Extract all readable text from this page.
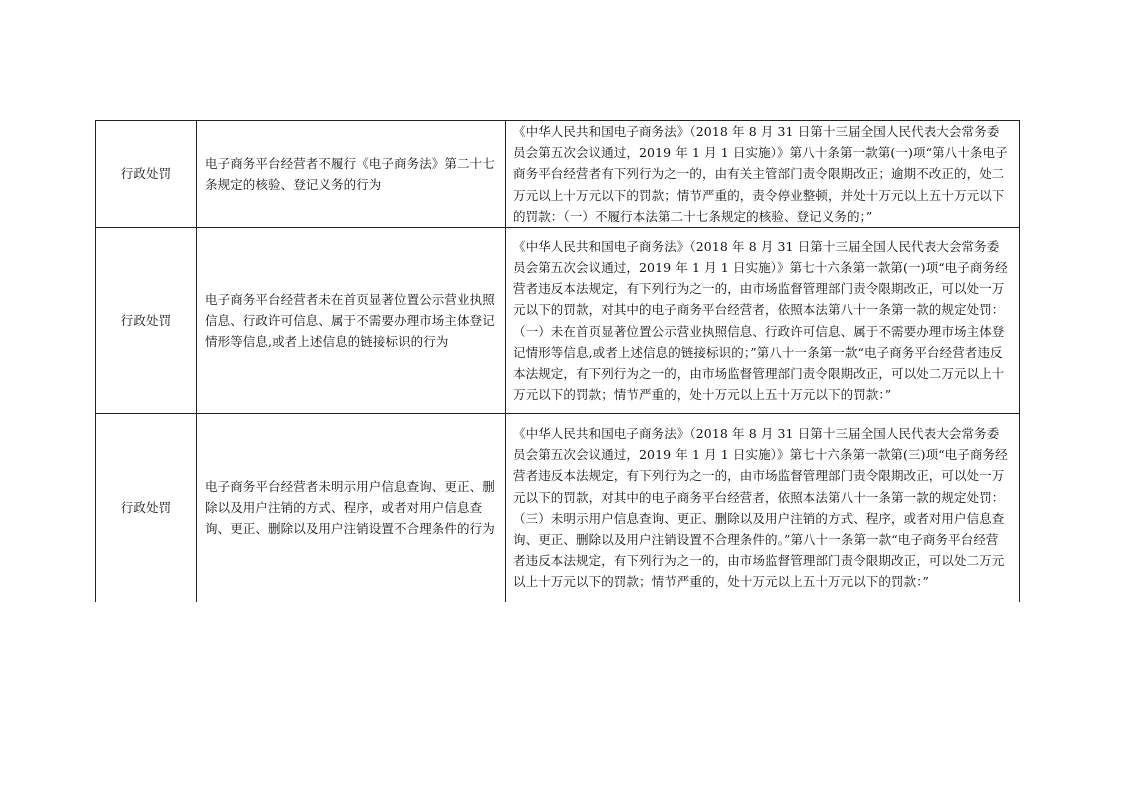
行政处罚	电子商务平台经营者不履行《电子商务法》第二十七条规定的核验、登记义务的行为	《中华人民共和国电子商务法》（2018 年 8 月 31 日第十三届全国人民代表大会常务委员会第五次会议通过，2019 年 1 月 1 日实施）》第八十条第一款第(一)项“第八十条电子商务平台经营者有下列行为之一的，由有关主管部门责令限期改正；逾期不改正的，处二万元以上十万元以下的罚款；情节严重的，责令停业整顿，并处十万元以上五十万元以下的罚款：（一）不履行本法第二十七条规定的核验、登记义务的；”
行政处罚	电子商务平台经营者未在首页显著位置公示营业执照信息、行政许可信息、属于不需要办理市场主体登记情形等信息,或者上述信息的链接标识的行为	《中华人民共和国电子商务法》（2018 年 8 月 31 日第十三届全国人民代表大会常务委员会第五次会议通过，2019 年 1 月 1 日实施）》第七十六条第一款第(一)项“电子商务经营者违反本法规定，有下列行为之一的，由市场监督管理部门责令限期改正，可以处一万元以下的罚款，对其中的电子商务平台经营者，依照本法第八十一条第一款的规定处罚：（一）未在首页显著位置公示营业执照信息、行政许可信息、属于不需要办理市场主体登记情形等信息,或者上述信息的链接标识的；”第八十一条第一款“电子商务平台经营者违反本法规定，有下列行为之一的，由市场监督管理部门责令限期改正，可以处二万元以上十万元以下的罚款；情节严重的，处十万元以上五十万元以下的罚款：”
行政处罚	电子商务平台经营者未明示用户信息查询、更正、删除以及用户注销的方式、程序，或者对用户信息查询、更正、删除以及用户注销设置不合理条件的行为	《中华人民共和国电子商务法》（2018 年 8 月 31 日第十三届全国人民代表大会常务委员会第五次会议通过，2019 年 1 月 1 日实施）》第七十六条第一款第(三)项“电子商务经营者违反本法规定，有下列行为之一的，由市场监督管理部门责令限期改正，可以处一万元以下的罚款，对其中的电子商务平台经营者，依照本法第八十一条第一款的规定处罚：（三）未明示用户信息查询、更正、删除以及用户注销的方式、程序，或者对用户信息查询、更正、删除以及用户注销设置不合理条件的。”第八十一条第一款“电子商务平台经营者违反本法规定，有下列行为之一的，由市场监督管理部门责令限期改正，可以处二万元以上十万元以下的罚款；情节严重的，处十万元以上五十万元以下的罚款：”
